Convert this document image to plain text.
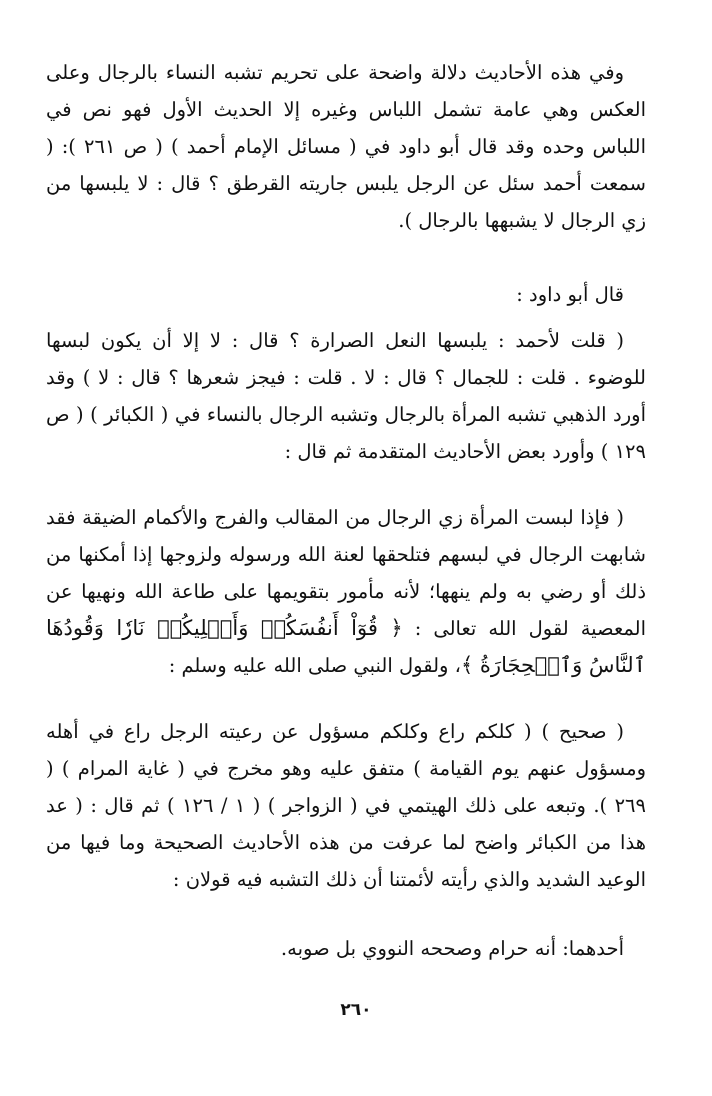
وفي هذه الأحاديث دلالة واضحة على تحريم تشبه النساء بالرجال وعلى العكس وهي عامة تشمل اللباس وغيره إلا الحديث الأول فهو نص في اللباس وحده وقد قال أبو داود في ( مسائل الإمام أحمد ) ( ص ٢٦١ ): ( سمعت أحمد سئل عن الرجل يلبس جاريته القرطق ؟ قال : لا يلبسها من زي الرجال لا يشبهها بالرجال ).

قال أبو داود :

( قلت لأحمد : يلبسها النعل الصرارة ؟ قال : لا إلا أن يكون لبسها للوضوء . قلت : للجمال ؟ قال : لا . قلت : فيجز شعرها ؟ قال : لا ) وقد أورد الذهبي تشبه المرأة بالرجال وتشبه الرجال بالنساء في ( الكبائر ) ( ص ١٢٩ ) وأورد بعض الأحاديث المتقدمة ثم قال :

( فإذا لبست المرأة زي الرجال من المقالب والفرج والأكمام الضيقة فقد شابهت الرجال في لبسهم فتلحقها لعنة الله ورسوله ولزوجها إذا أمكنها من ذلك أو رضي به ولم ينهها؛ لأنه مأمور بتقويمها على طاعة الله ونهيها عن المعصية لقول الله تعالى : ﴿ قُوٓاْ أَنفُسَكُمۡ وَأَهۡلِيكُمۡ نَارٗا وَقُودُهَا ٱلنَّاسُ وَٱلۡحِجَارَةُ ﴾، ولقول النبي صلى الله عليه وسلم :

( صحيح ) ( كلكم راع وكلكم مسؤول عن رعيته الرجل راع في أهله ومسؤول عنهم يوم القيامة ) متفق عليه وهو مخرج في ( غاية المرام ) ( ٢٦٩ ). وتبعه على ذلك الهيتمي في ( الزواجر ) ( ١ / ١٢٦ ) ثم قال : ( عد هذا من الكبائر واضح لما عرفت من هذه الأحاديث الصحيحة وما فيها من الوعيد الشديد والذي رأيته لأئمتنا أن ذلك التشبه فيه قولان :

أحدهما: أنه حرام وصححه النووي بل صوبه.

٢٦٠
